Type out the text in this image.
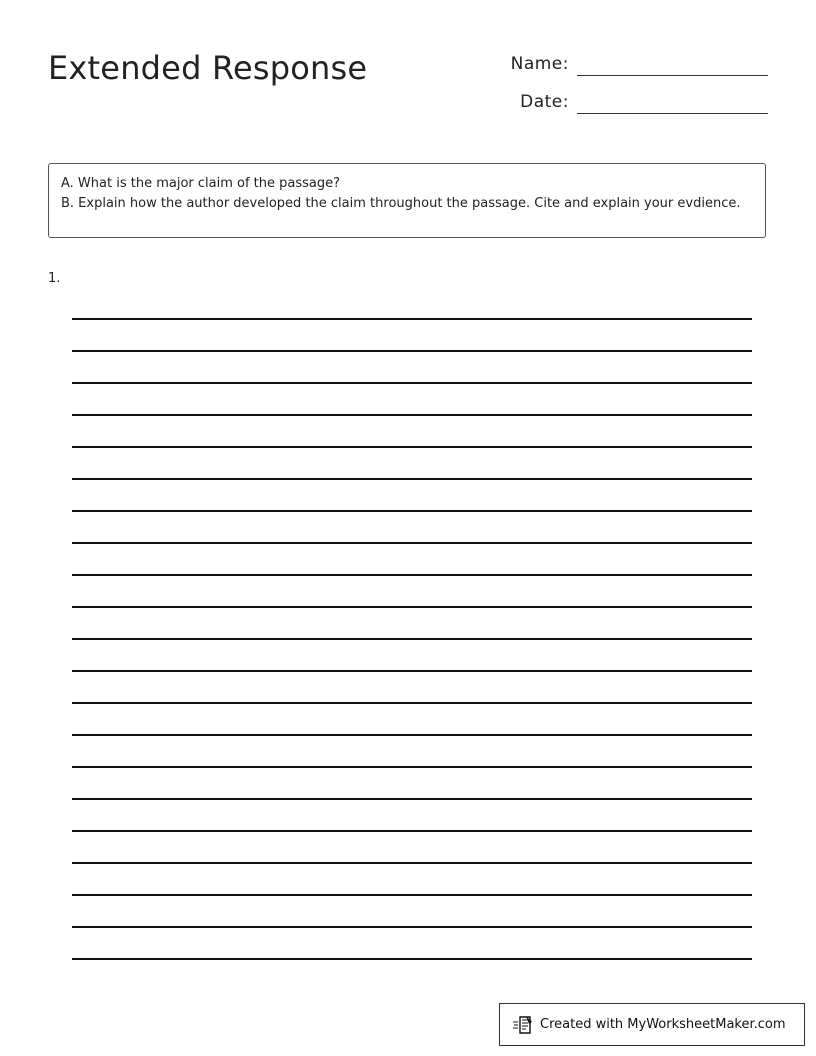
Extended Response	Name:
Date:

A. What is the major claim of the passage?

B. Explain how the author developed the claim throughout the passage. Cite and explain your evdience.

1.
Created with MyWorksheetMaker.com
